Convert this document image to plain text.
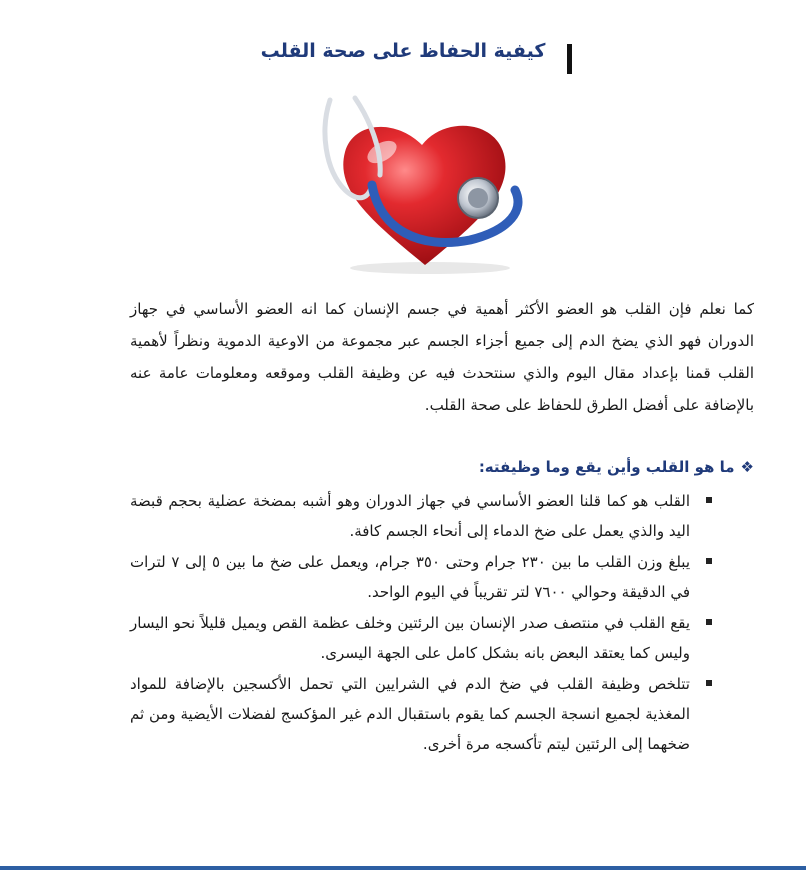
كيفية الحفاظ على صحة القلب
كما نعلم فإن القلب هو العضو الأكثر أهمية في جسم الإنسان كما انه العضو الأساسي في جهاز الدوران فهو الذي يضخ الدم إلى جميع أجزاء الجسم عبر مجموعة من الاوعية الدموية ونظراً لأهمية القلب قمنا بإعداد مقال اليوم والذي سنتحدث فيه عن وظيفة القلب وموقعه ومعلومات عامة عنه بالإضافة على أفضل الطرق للحفاظ على صحة القلب.
❖ما هو القلب وأين يقع وما وظيفته:
القلب هو كما قلنا العضو الأساسي في جهاز الدوران وهو أشبه بمضخة عضلية بحجم قبضة اليد والذي يعمل على ضخ الدماء إلى أنحاء الجسم كافة.
يبلغ وزن القلب ما بين ٢٣٠ جرام وحتى ٣٥٠ جرام، ويعمل على ضخ ما بين ٥ إلى ٧ لترات في الدقيقة وحوالي ٧٦٠٠ لتر تقريباً في اليوم الواحد.
يقع القلب في منتصف صدر الإنسان بين الرئتين وخلف عظمة القص ويميل قليلاً نحو اليسار وليس كما يعتقد البعض بانه بشكل كامل على الجهة اليسرى.
تتلخص وظيفة القلب في ضخ الدم في الشرايين التي تحمل الأكسجين بالإضافة للمواد المغذية لجميع انسجة الجسم كما يقوم باستقبال الدم غير المؤكسج لفضلات الأيضية ومن ثم ضخهما إلى الرئتين ليتم تأكسجه مرة أخرى.
